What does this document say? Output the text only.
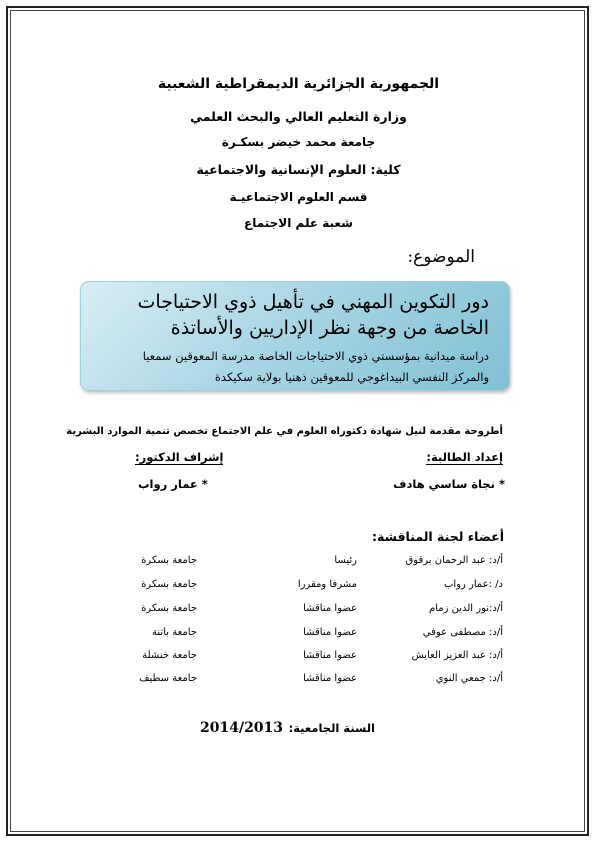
الجمهورية الجزائرية الديمقراطية الشعبية
وزارة التعليم العالي والبحث العلمي
جامعة محمد خيضر بسكـرة
كلية: العلوم الإنسانية والاجتماعية
قسم العلوم الاجتماعيـة
شعبة علم الاجتماع
الموضوع:
دور التكوين المهني في تأهيل ذوي الاحتياجات
الخاصة من وجهة نظر الإداريين والأساتذة
دراسة ميدانية بمؤسستي ذوي الاحتياجات الخاصة مدرسة المعوقين سمعيا
والمركز النفسي البيداغوجي للمعوقين ذهنيا بولاية سكيكدة
أطروحة مقدمة لنيل شهادة دكتوراه العلوم في علم الاجتماع تخصص تنمية الموارد البشرية
إعداد الطالبة:
إشراف الدكتور:
* نجاة ساسي هادف
* عمار رواب
أعضاء لجنة المناقشة:
أ/د: عبد الرحمان برقوق
رئيسا
جامعة بسكرة
د/ :عمار رواب
مشرفا ومقررا
جامعة بسكرة
أ/د:نور الدين زمام
عضوا مناقشا
جامعة بسكرة
أ/د: مصطفى عوفي
عضوا مناقشا
جامعة باتنة
أ/د: عبد العزيز العايش
عضوا مناقشا
جامعة خنشلة
أ/د: جمعي النوي
عضوا مناقشا
جامعة سطيف
السنة الجامعية: 2014/2013
